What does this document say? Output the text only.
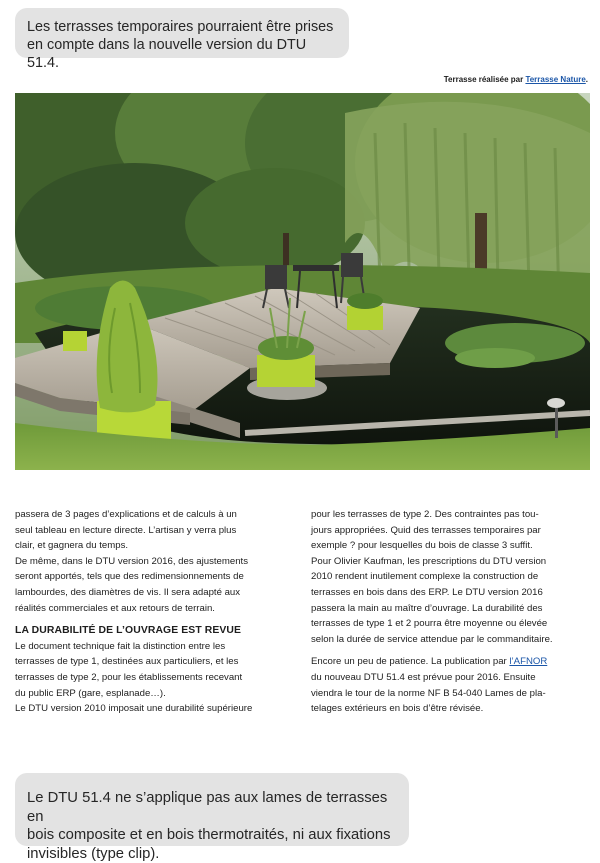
Les terrasses temporaires pourraient être prises
en compte dans la nouvelle version du DTU 51.4.
Terrasse réalisée par Terrasse Nature.

passera de 3 pages d’explications et de calculs à un

seul tableau en lecture directe. L’artisan y verra plus

clair, et gagnera du temps.

De même, dans le DTU version 2016, des ajustements

seront apportés, tels que des redimensionnements de

lambourdes, des diamètres de vis. Il sera adapté aux

réalités commerciales et aux retours de terrain.

LA DURABILITÉ DE L’OUVRAGE EST REVUE

Le document technique fait la distinction entre les

terrasses de type 1, destinées aux particuliers, et les

terrasses de type 2, pour les établissements recevant

du public ERP (gare, esplanade…).

Le DTU version 2010 imposait une durabilité supérieure

pour les terrasses de type 2. Des contraintes pas tou-

jours appropriées. Quid des terrasses temporaires par

exemple ? pour lesquelles du bois de classe 3 suffit.

Pour Olivier Kaufman, les prescriptions du DTU version

2010 rendent inutilement complexe la construction de

terrasses en bois dans des ERP. Le DTU version 2016

passera la main au maître d’ouvrage. La durabilité des

terrasses de type 1 et 2 pourra être moyenne ou élevée

selon la durée de service attendue par le commanditaire.

Encore un peu de patience. La publication par l’AFNOR

du nouveau DTU 51.4 est prévue pour 2016. Ensuite

viendra le tour de la norme NF B 54-040 Lames de pla-

telages extérieurs en bois d’être révisée.

Le DTU 51.4 ne s’applique pas aux lames de terrasses en
bois composite et en bois thermotraités, ni aux fixations
invisibles (type clip).
